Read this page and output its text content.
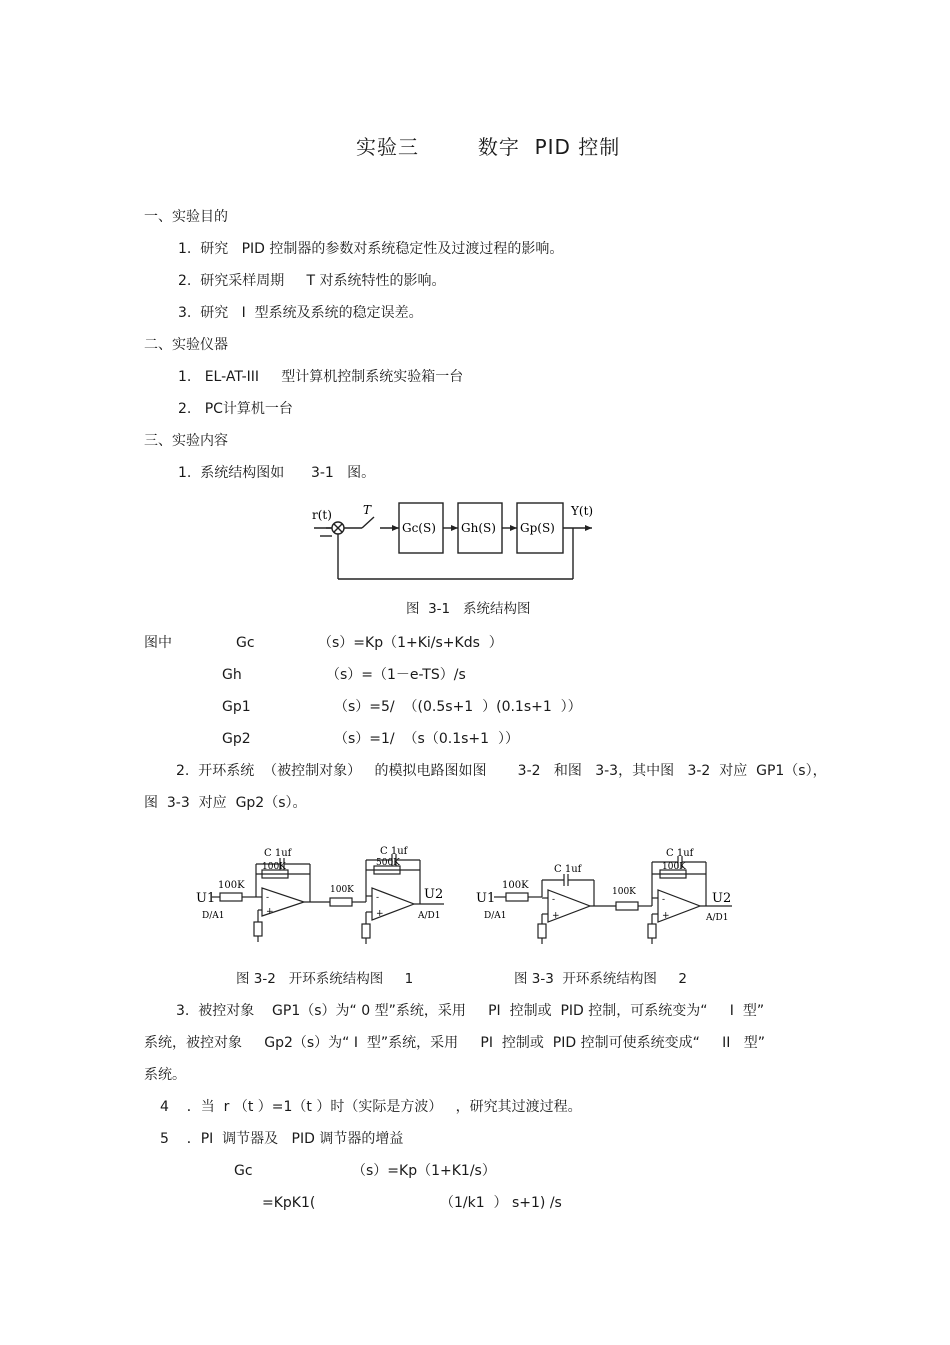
实验三        数字  PID 控制
一、实验目的
1.  研究   PID 控制器的参数对系统稳定性及过渡过程的影响。
2.  研究采样周期     T 对系统特性的影响。
3.  研究   I  型系统及系统的稳定误差。
二、实验仪器
1.   EL-AT-III     型计算机控制系统实验箱一台
2.   PC计算机一台
三、实验内容
1.  系统结构图如      3-1   图。
r(t)	T	Y(t)
Gc(S) Gh(S) Gp(S)
图  3-1   系统结构图
图中	Gc	（s）=Kp（1+Ki/s+Kds  ）
Gh	（s）=（1－e-TS）/s
Gp1	（s）=5/  （(0.5s+1  ）(0.1s+1  ））
Gp2	（s）=1/  （s（0.1s+1  ））
2.  开环系统  （被控制对象）   的模拟电路图如图       3-2   和图   3-3，其中图   3-2  对应  GP1（s），
图  3-3  对应  Gp2（s）。
C 1uf
100K
100K	100K
C 1uf
500K
U1	U2
D/A1	A/D1
-
+
-
+
C 1uf
100K
100K
C 1uf
100K
U1	U2
D/A1	A/D1
-
+
-
+
图 3-2   开环系统结构图     1	图 3-3  开环系统结构图     2
3.  被控对象    GP1（s）为“ 0 型”系统，采用     PI  控制或  PID 控制，可系统变为“     I  型”
系统，被控对象     Gp2（s）为“ I  型”系统，采用     PI  控制或  PID 控制可使系统变成“     II   型”
系统。
4    ．当  r （t ）=1（t ）时（实际是方波）   ，研究其过渡过程。
5    ．PI  调节器及   PID 调节器的增益
Gc	（s）=Kp（1+K1/s）
=KpK1(	（1/k1  ） s+1) /s
